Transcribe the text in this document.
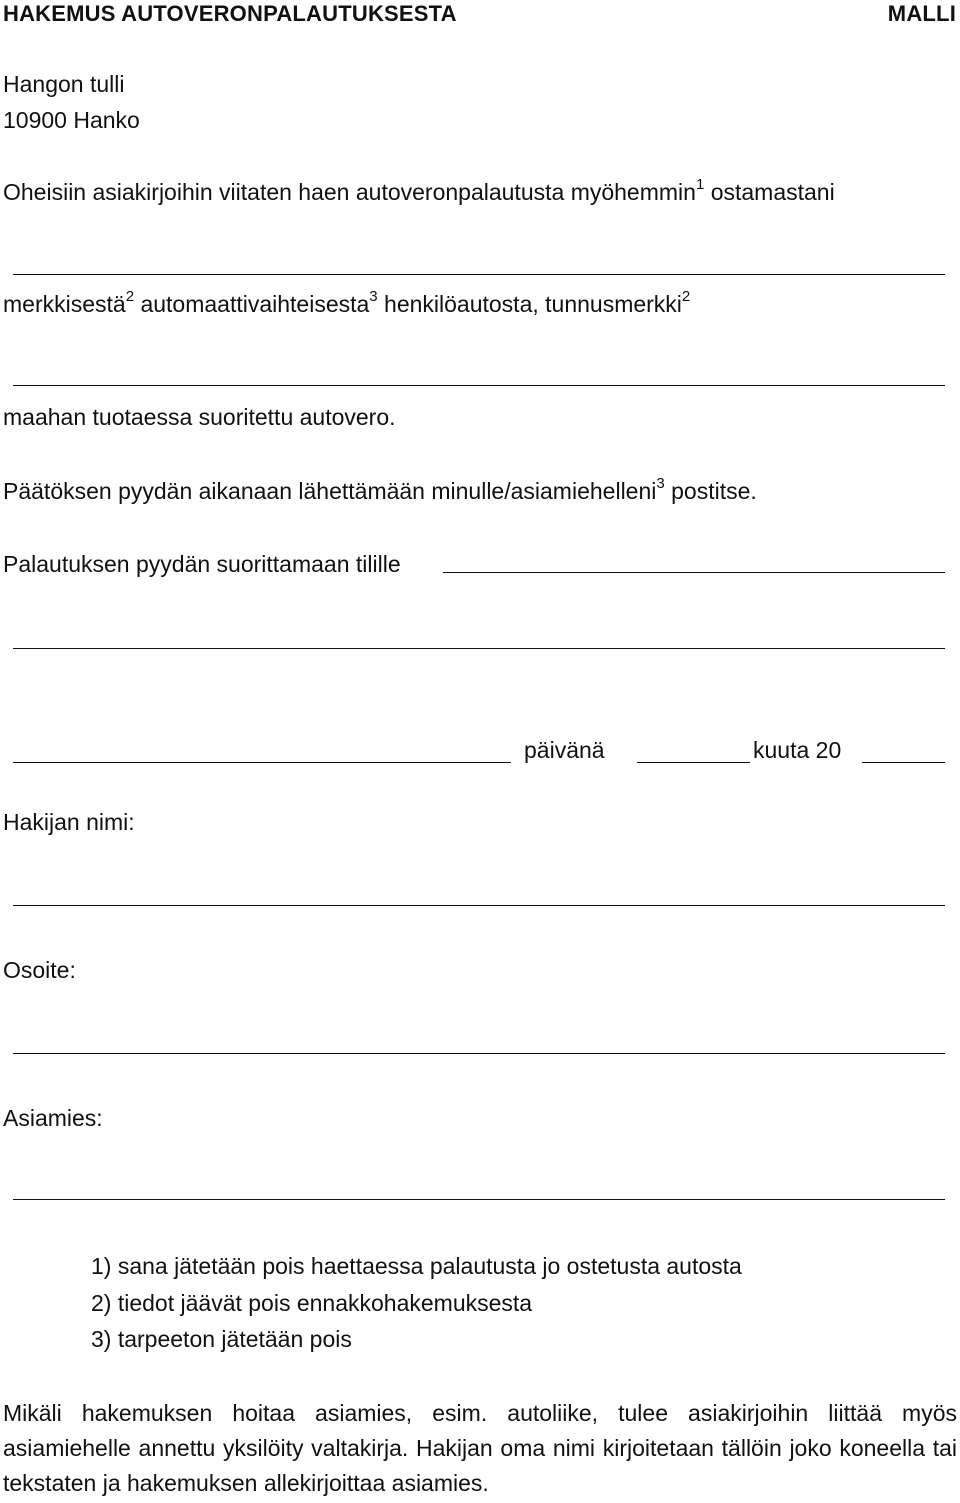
HAKEMUS AUTOVERONPALAUTUKSESTA	MALLI
Hangon tulli
10900 Hanko
Oheisiin asiakirjoihin viitaten haen autoveronpalautusta myöhemmin$^1$ ostamastani
merkkisestä$^2$ automaattivaihteisesta$^3$ henkilöautosta, tunnusmerkki$^2$
maahan tuotaessa suoritettu autovero.
Päätöksen pyydän aikanaan lähettämään minulle/asiamiehelleni$^3$ postitse.
Palautuksen pyydän suorittamaan tilille
päivänä	kuuta 20
Hakijan nimi:
Osoite:
Asiamies:
1) sana jätetään pois haettaessa palautusta jo ostetusta autosta
2) tiedot jäävät pois ennakkohakemuksesta
3) tarpeeton jätetään pois
Mikäli hakemuksen hoitaa asiamies, esim. autoliike, tulee asiakirjoihin liittää myös asiamiehelle annettu yksilöity valtakirja. Hakijan oma nimi kirjoitetaan tällöin joko koneella tai tekstaten ja hakemuksen allekirjoittaa asiamies.
